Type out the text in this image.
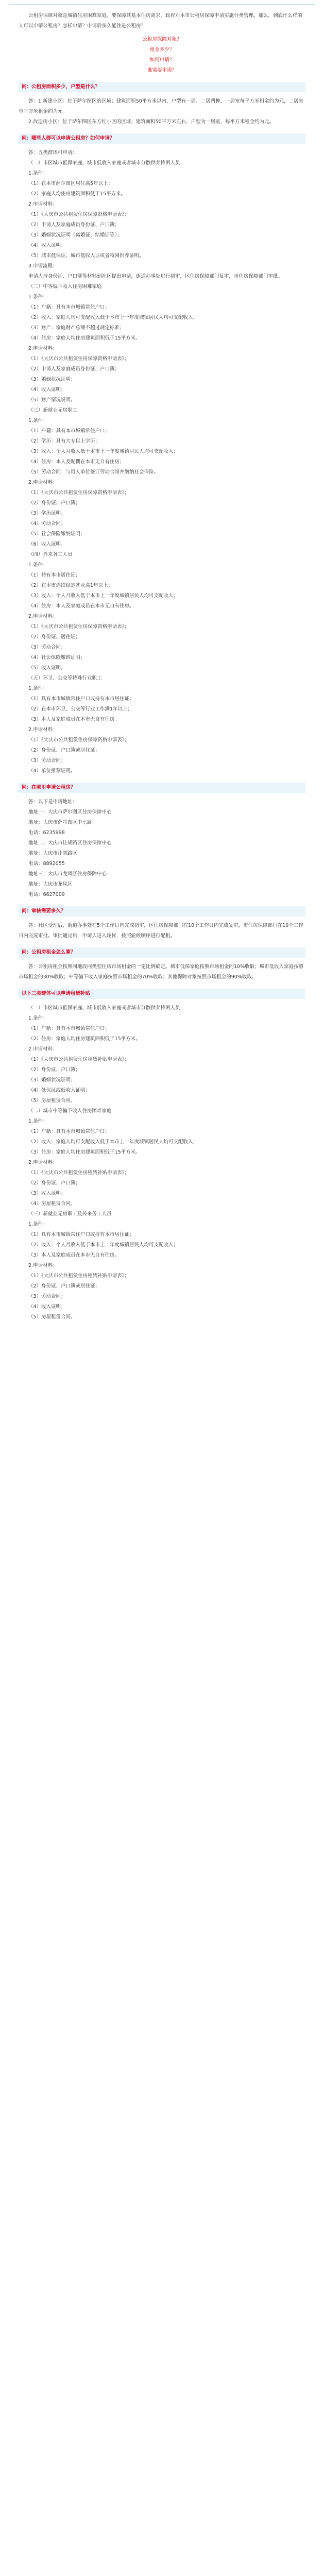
公租房保障对象是城镇住房困难家庭。要保障其基本住房需求，政府对本市公租房保障申请实施分类管理。那么，到底什么样的人可以申请公租房？怎样申请？申请后多久能住进公租房？

公租房保障对象？

租金多少？

如何申请？

谁需要申请？

问：公租房面积多少，户型是什么？

答：1.新建小区：位于萨尔图区的区域；建筑面积50平方米以内，户型有一居、二居两种，一居室每平方米租金约为元，二居室每平方米租金约为元。

2.改造房小区：位于萨尔图区东方红小区的区域；建筑面积50平方米左右，户型为一居室，每平方米租金约为元。

问：哪些人群可以申请公租房？如何申请？

答：五类群体可申请：

（一）市区城市低保家庭、城市低收入家庭或者城市分散供养特困人员

1.条件：

（1）在本市萨尔图区居住满5年以上；

（2）家庭人均住房建筑面积低于15平方米。

2.申请材料：

（1）《大庆市公共租赁住房保障资格申请表》；

（2）申请人及家庭成员身份证、户口簿；

（3）婚姻状况证明（离婚证、结婚证等）；

（4）收入证明；

（5）城市低保证、城市低收入证或者特困供养证明。

3.申请流程：

申请人持身份证、户口簿等材料到社区提出申请，街道办事处进行初审，区住房保障部门复审，市住房保障部门审批。

（二）中等偏下收入住房困难家庭

1.条件：

（1）户籍：具有本市城镇常住户口；

（2）收入：家庭人均可支配收入低于本市上一年度城镇居民人均可支配收入；

（3）财产：家庭财产总额不超过规定标准；

（4）住房：家庭人均住房建筑面积低于15平方米。

2.申请材料：

（1）《大庆市公共租赁住房保障资格申请表》；

（2）申请人及家庭成员身份证、户口簿；

（3）婚姻状况证明；

（4）收入证明；

（5）财产情况说明。

（三）新就业无房职工

1.条件：

（1）户籍：具有本市城镇常住户口；

（2）学历：具有大专以上学历；

（3）收入：个人月收入低于本市上一年度城镇居民人均可支配收入；

（4）住房：本人及配偶在本市无自有住房；

（5）劳动合同：与用人单位签订劳动合同并缴纳社会保险。

2.申请材料：

（1）《大庆市公共租赁住房保障资格申请表》；

（2）身份证、户口簿；

（3）学历证明；

（4）劳动合同；

（5）社会保险缴纳证明；

（6）收入证明。

（四）外来务工人员

1.条件：

（1）持有本市居住证；

（2）在本市连续稳定就业满1年以上；

（3）收入：个人月收入低于本市上一年度城镇居民人均可支配收入；

（4）住房：本人及家庭成员在本市无自有住房。

2.申请材料：

（1）《大庆市公共租赁住房保障资格申请表》；

（2）身份证、居住证；

（3）劳动合同；

（4）社会保险缴纳证明；

（5）收入证明。

（五）环卫、公交等特殊行业职工

1.条件：

（1）具有本市城镇常住户口或持有本市居住证；

（2）在本市环卫、公交等行业工作满1年以上；

（3）本人及家庭成员在本市无自有住房。

2.申请材料：

（1）《大庆市公共租赁住房保障资格申请表》；

（2）身份证、户口簿或居住证；

（3）劳动合同；

（4）单位推荐证明。

问：在哪里申请公租房？

答：以下是申请地址：

地址一：大庆市萨尔图区住房保障中心

地址：大庆市萨尔图区中七路

电话：6235998

地址二：大庆市让胡路区住房保障中心

地址：大庆市让胡路区

电话：8892055

地址三：大庆市龙凤区住房保障中心

地址：大庆市龙凤区

电话：6627009

问：审核需要多久？

答：社区受理后，街道办事处在5个工作日内完成初审，区住房保障部门在10个工作日内完成复审，市住房保障部门在10个工作日内完成审批。审批通过后，申请人进入轮候，按照轮候顺序进行配租。

问：公租房租金怎么算？

答：公租房租金按照同地段同类型住房市场租金的一定比例确定。城市低保家庭按照市场租金的10%收取；城市低收入家庭按照市场租金的30%收取；中等偏下收入家庭按照市场租金的70%收取；其他保障对象按照市场租金的90%收取。

以下三类群体可以申请租赁补贴

（一）市区城市低保家庭、城市低收入家庭或者城市分散供养特困人员

1.条件：

（1）户籍：具有本市城镇常住户口；

（2）住房：家庭人均住房建筑面积低于15平方米。

2.申请材料：

（1）《大庆市公共租赁住房租赁补贴申请表》；

（2）身份证、户口簿；

（3）婚姻状况证明；

（4）低保证或低收入证明；

（5）房屋租赁合同。

（二）城市中等偏下收入住房困难家庭

1.条件：

（1）户籍：具有本市城镇常住户口；

（2）收入：家庭人均可支配收入低于本市上一年度城镇居民人均可支配收入；

（3）住房：家庭人均住房建筑面积低于15平方米。

2.申请材料：

（1）《大庆市公共租赁住房租赁补贴申请表》；

（2）身份证、户口簿；

（3）收入证明；

（4）房屋租赁合同。

（三）新就业无房职工及外来务工人员

1.条件：

（1）具有本市城镇常住户口或持有本市居住证；

（2）收入：个人月收入低于本市上一年度城镇居民人均可支配收入；

（3）本人及家庭成员在本市无自有住房。

2.申请材料：

（1）《大庆市公共租赁住房租赁补贴申请表》；

（2）身份证、户口簿或居住证；

（3）劳动合同；

（4）收入证明；

（5）房屋租赁合同。
